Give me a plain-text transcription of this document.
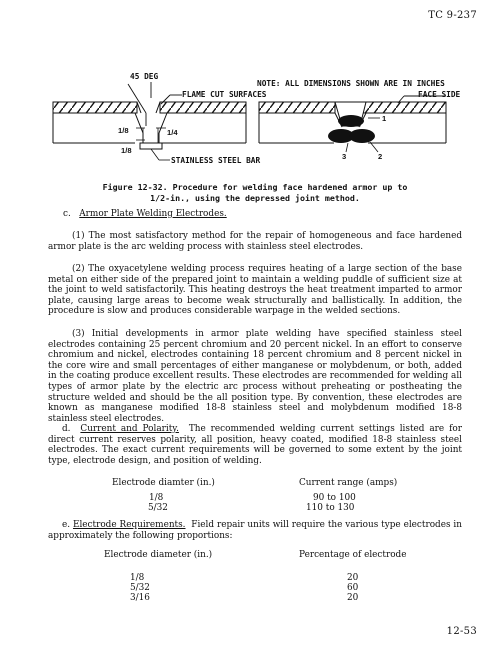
TC 9-237
45 DEG
FLAME CUT SURFACES
NOTE: ALL DIMENSIONS SHOWN ARE IN INCHES
FACE SIDE
1/8	1/4
1/8
STAINLESS STEEL BAR
1
3	2
Figure 12-32. Procedure for welding face hardened armor up to
1/2-in., using the depressed joint method.
c. Armor Plate Welding Electrodes.
(1) The most satisfactory method for the repair of homogeneous and face hardened armor plate is the arc welding process with stainless steel electrodes.
(2) The oxyacetylene welding process requires heating of a large section of the base metal on either side of the prepared joint to maintain a welding puddle of sufficient size at the joint to weld satisfactorily. This heating destroys the heat treatment imparted to armor plate, causing large areas to become weak structurally and ballistically. In addition, the procedure is slow and produces considerable warpage in the welded sections.
(3) Initial developments in armor plate welding have specified stainless steel electrodes containing 25 percent chromium and 20 percent nickel. In an effort to conserve chromium and nickel, electrodes containing 18 percent chromium and 8 percent nickel in the core wire and small percentages of either manganese or molybdenum, or both, added in the coating produce excellent results. These electrodes are recommended for welding all types of armor plate by the electric arc process without preheating or postheating the structure welded and should be the all position type. By convention, these electrodes are known as manganese modified 18-8 stainless steel and molybdenum modified 18-8 stainless steel electrodes.
d. Current and Polarity. The recommended welding current settings listed are for direct current reserves polarity, all position, heavy coated, modified 18-8 stainless steel electrodes. The exact current requirements will be governed to some extent by the joint type, electrode design, and position of welding.
Electrode diamter (in.)	Current range (amps)
1/8	90 to 100
5/32	110 to 130
e. Electrode Requirements. Field repair units will require the various type electrodes in approximately the following proportions:
Electrode diameter (in.)	Percentage of electrode
1/8	20
5/32	60
3/16	20
12-53
